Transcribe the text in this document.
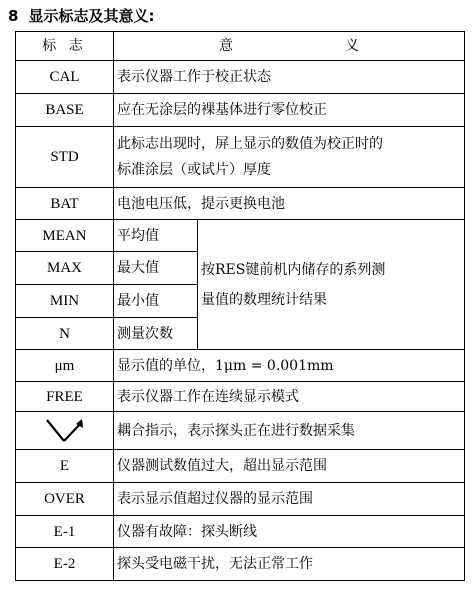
8 显示标志及其意义:
标 志	意 义	
CAL	表示仪器工作于校正状态	
BASE	应在无涂层的裸基体进行零位校正	
STD	此标志出现时，屏上显示的数值为校正时的
标准涂层（或试片）厚度	

BAT	电池电压低，提示更换电池	
MEAN	平均值	按RES键前机内储存的系列测
量值的数理统计结果

MAX	最大值	
MIN	最小值	
N	测量次数	
μm	显示值的单位，1μm = 0.001mm	
FREE	表示仪器工作在连续显示模式	

	耦合指示，表示探头正在进行数据采集	
E	仪器测试数值过大，超出显示范围	
OVER	表示显示值超过仪器的显示范围	
E-1	仪器有故障：探头断线	
E-2	探头受电磁干扰，无法正常工作	
